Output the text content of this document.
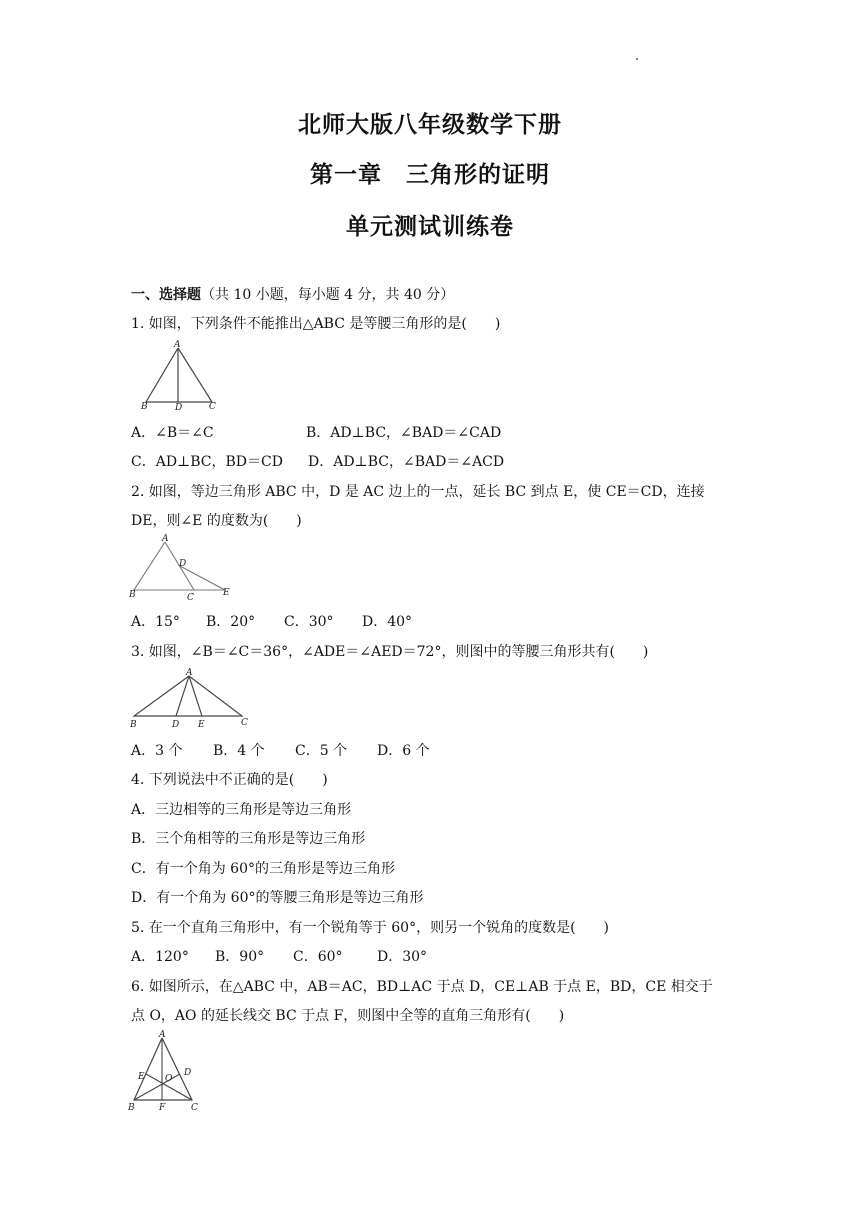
北师大版八年级数学下册
第一章　三角形的证明
单元测试训练卷
一、选择题（共 10 小题，每小题 4 分，共 40 分）
1. 如图，下列条件不能推出△ABC 是等腰三角形的是(　　)
A
B	D	C
A．∠B＝∠C	B．AD⊥BC，∠BAD＝∠CAD
C．AD⊥BC，BD＝CD D．AD⊥BC，∠BAD＝∠ACD
2. 如图，等边三角形 ABC 中，D 是 AC 边上的一点，延长 BC 到点 E，使 CE＝CD，连接
DE，则∠E 的度数为(　　)
A
D
B	C	E
A．15° B．20° C．30° D．40°
3. 如图，∠B＝∠C＝36°，∠ADE＝∠AED＝72°，则图中的等腰三角形共有(　　)
A
B	D E	C
A．3 个 B．4 个 C．5 个 D．6 个
4. 下列说法中不正确的是(　　)
A．三边相等的三角形是等边三角形
B．三个角相等的三角形是等边三角形
C．有一个角为 60°的三角形是等边三角形
D．有一个角为 60°的等腰三角形是等边三角形
5. 在一个直角三角形中，有一个锐角等于 60°，则另一个锐角的度数是(　　)
A．120° B．90° C．60° D．30°
6. 如图所示，在△ABC 中，AB＝AC，BD⊥AC 于点 D，CE⊥AB 于点 E，BD，CE 相交于
点 O，AO 的延长线交 BC 于点 F，则图中全等的直角三角形有(　　)
A
E O
D
B	F	C
